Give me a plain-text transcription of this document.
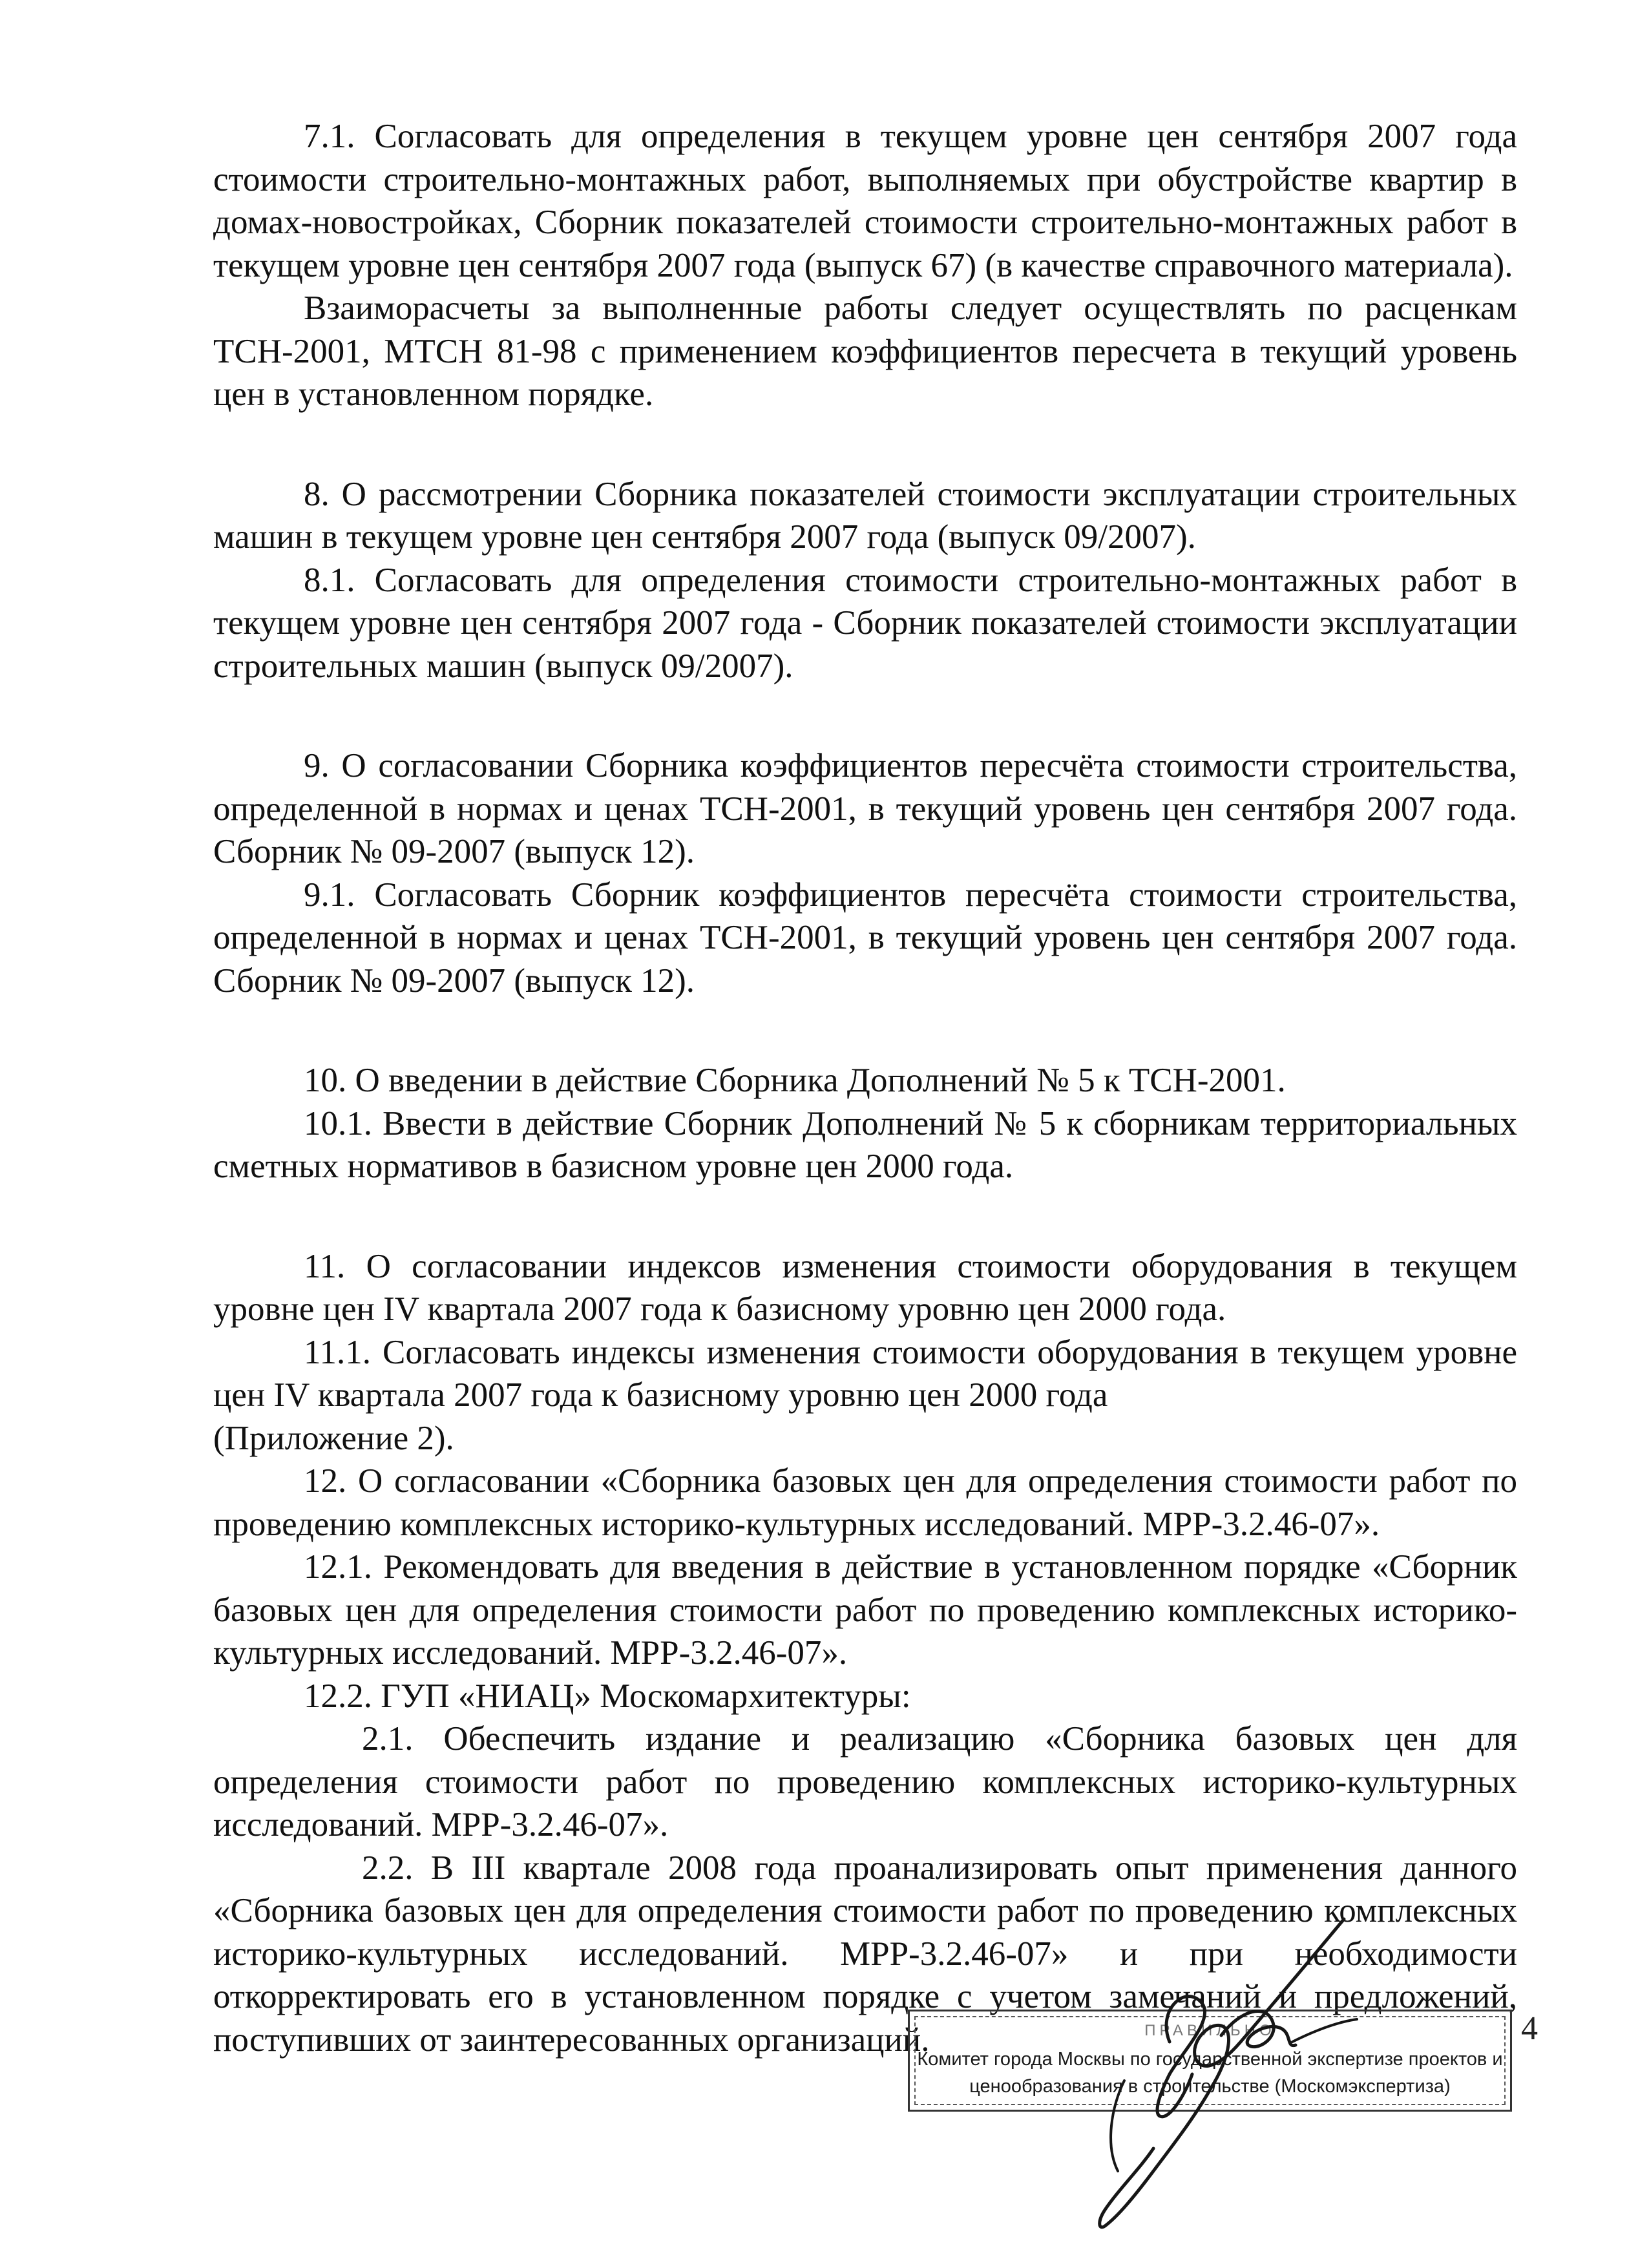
7.1. Согласовать для определения в текущем уровне цен сентября 2007 года стоимости строительно-монтажных работ, выполняемых при обустройстве квартир в домах-новостройках, Сборник показателей стоимости строительно-монтажных работ в текущем уровне цен сентября 2007 года (выпуск 67) (в качестве справочного материала).

Взаиморасчеты за выполненные работы следует осуществлять по расценкам ТСН-2001, МТСН 81-98 с применением коэффициентов пересчета в текущий уровень цен в установленном порядке.

8. О рассмотрении Сборника показателей стоимости эксплуатации строительных машин в текущем уровне цен сентября 2007 года (выпуск 09/2007).

8.1. Согласовать для определения стоимости строительно-монтажных работ в текущем уровне цен сентября 2007 года - Сборник показателей стоимости эксплуатации строительных машин (выпуск 09/2007).

9. О согласовании Сборника коэффициентов пересчёта стоимости строительства, определенной в нормах и ценах ТСН-2001, в текущий уровень цен сентября 2007 года. Сборник № 09-2007 (выпуск 12).

9.1. Согласовать Сборник коэффициентов пересчёта стоимости строительства, определенной в нормах и ценах ТСН-2001, в текущий уровень цен сентября 2007 года. Сборник № 09-2007 (выпуск 12).

10. О введении в действие Сборника Дополнений № 5 к ТСН-2001.

10.1. Ввести в действие Сборник Дополнений № 5 к сборникам территориальных сметных нормативов в базисном уровне цен 2000 года.

11. О согласовании индексов изменения стоимости оборудования в текущем уровне цен IV квартала 2007 года к базисному уровню цен 2000 года.

11.1. Согласовать индексы изменения стоимости оборудования в текущем уровне цен IV квартала 2007 года к базисному уровню цен 2000 года

(Приложение 2).

12. О согласовании «Сборника базовых цен для определения стоимости работ по проведению комплексных историко-культурных исследований. МРР-3.2.46-07».

12.1. Рекомендовать для введения в действие в установленном порядке «Сборник базовых цен для определения стоимости работ по проведению комплексных историко-культурных исследований. МРР-3.2.46-07».

12.2. ГУП «НИАЦ» Москомархитектуры:

2.1. Обеспечить издание и реализацию «Сборника базовых цен для определения стоимости работ по проведению комплексных историко-культурных исследований. МРР-3.2.46-07».

2.2. В III квартале 2008 года проанализировать опыт применения данного «Сборника базовых цен для определения стоимости работ по проведению комплексных историко-культурных исследований. МРР-3.2.46-07» и при необходимости откорректировать его в установленном порядке с учетом замечаний и предложений, поступивших от заинтересованных организаций.	4
ПРАВИЛЬНО
Комитет города Москвы по государственной экспертизе проектов и
ценообразования в строительстве (Москомэкспертиза)
